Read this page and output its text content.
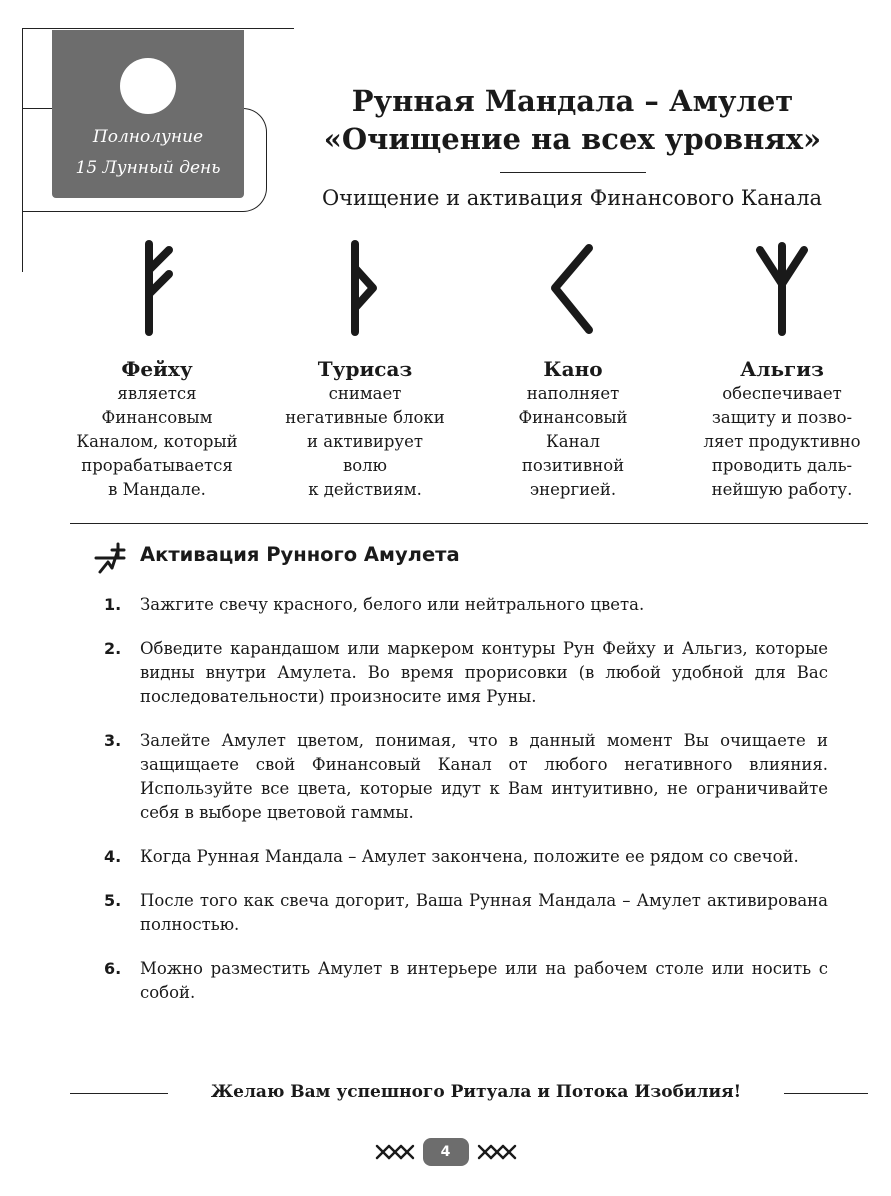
Полнолуние
15 Лунный день
Рунная Мандала – Амулет
«Очищение на всех уровнях»
Очищение и активация Финансового Канала
Фейху
является
Финансовым
Каналом, который
прорабатывается
в Мандале.
Турисаз
снимает
негативные блоки
и активирует
волю
к действиям.
Кано
наполняет
Финансовый
Канал
позитивной
энергией.
Альгиз
обеспечивает
защиту и позво-
ляет продуктивно
проводить даль-
нейшую работу.
Активация Рунного Амулета
1. Зажгите свечу красного, белого или нейтрального цвета.
2. Обведите карандашом или маркером контуры Рун Фейху и Альгиз, которые видны внутри Амулета. Во время прорисовки (в любой удобной для Вас последовательности) произносите имя Руны.
3. Залейте Амулет цветом, понимая, что в данный момент Вы очищаете и защищаете свой Финансовый Канал от любого негативного влияния. Используйте все цвета, которые идут к Вам интуитивно, не ограничивайте себя в выборе цветовой гаммы.
4. Когда Рунная Мандала – Амулет закончена, положите ее рядом со свечой.
5. После того как свеча догорит, Ваша Рунная Мандала – Амулет активирована полностью.
6. Можно разместить Амулет в интерьере или на рабочем столе или носить с собой.
Желаю Вам успешного Ритуала и Потока Изобилия!
4
